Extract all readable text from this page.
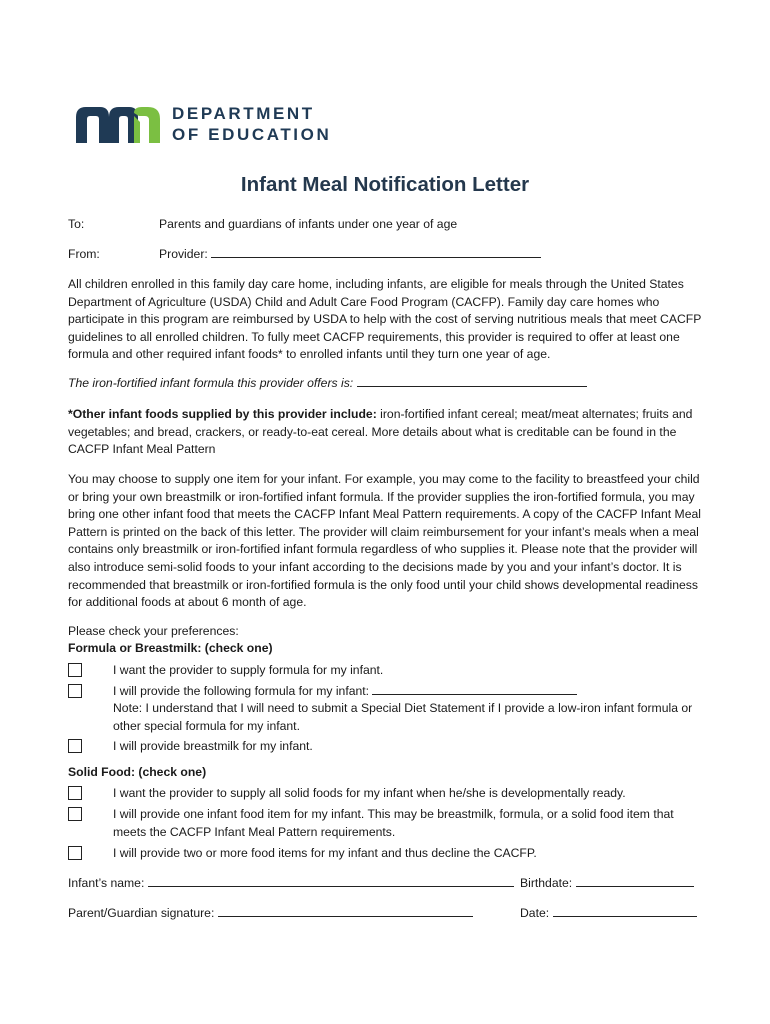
DEPARTMENT
OF EDUCATION
Infant Meal Notification Letter
To:	Parents and guardians of infants under one year of age
From:	Provider:
All children enrolled in this family day care home, including infants, are eligible for meals through the United States Department of Agriculture (USDA) Child and Adult Care Food Program (CACFP). Family day care homes who participate in this program are reimbursed by USDA to help with the cost of serving nutritious meals that meet CACFP guidelines to all enrolled children. To fully meet CACFP requirements, this provider is required to offer at least one formula and other required infant foods* to enrolled infants until they turn one year of age.
The iron-fortified infant formula this provider offers is:
*Other infant foods supplied by this provider include: iron-fortified infant cereal; meat/meat alternates; fruits and vegetables; and bread, crackers, or ready-to-eat cereal. More details about what is creditable can be found in the CACFP Infant Meal Pattern
You may choose to supply one item for your infant. For example, you may come to the facility to breastfeed your child or bring your own breastmilk or iron-fortified infant formula. If the provider supplies the iron-fortified formula, you may bring one other infant food that meets the CACFP Infant Meal Pattern requirements. A copy of the CACFP Infant Meal Pattern is printed on the back of this letter. The provider will claim reimbursement for your infant’s meals when a meal contains only breastmilk or iron-fortified infant formula regardless of who supplies it. Please note that the provider will also introduce semi-solid foods to your infant according to the decisions made by you and your infant’s doctor. It is recommended that breastmilk or iron-fortified formula is the only food until your child shows developmental readiness for additional foods at about 6 month of age.
Please check your preferences:
Formula or Breastmilk: (check one)
I want the provider to supply formula for my infant.
I will provide the following formula for my infant:
Note: I understand that I will need to submit a Special Diet Statement if I provide a low-iron infant formula or other special formula for my infant.
I will provide breastmilk for my infant.
Solid Food: (check one)
I want the provider to supply all solid foods for my infant when he/she is developmentally ready.
I will provide one infant food item for my infant. This may be breastmilk, formula, or a solid food item that meets the CACFP Infant Meal Pattern requirements.
I will provide two or more food items for my infant and thus decline the CACFP.
Infant’s name:	Birthdate:
Parent/Guardian signature:	Date:
